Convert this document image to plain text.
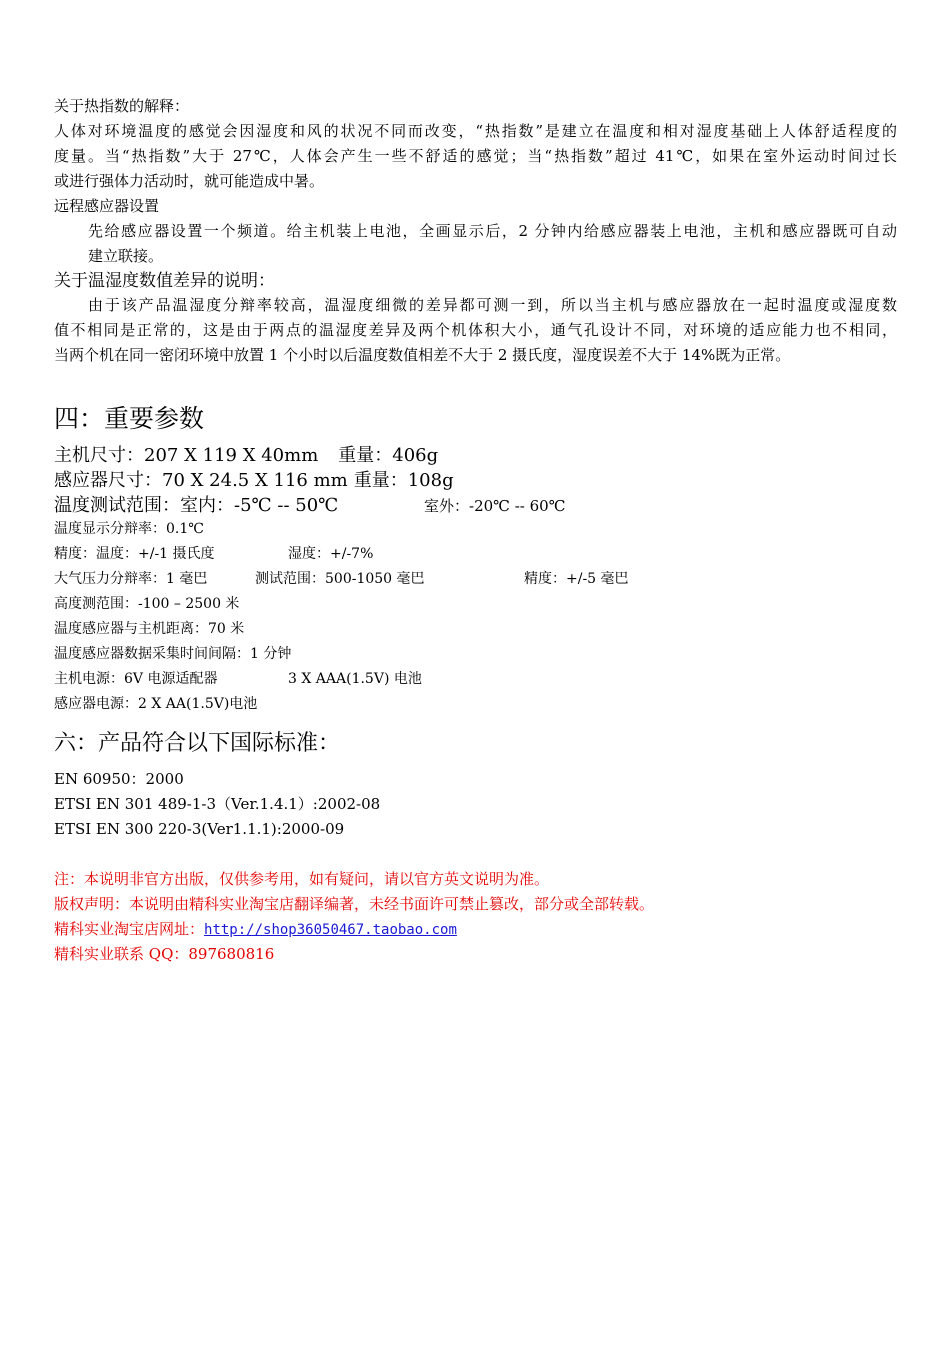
关于热指数的解释：
人体对环境温度的感觉会因湿度和风的状况不同而改变，“热指数”是建立在温度和相对湿度基础上人体舒适程度的
度量。当“热指数”大于 27℃，人体会产生一些不舒适的感觉；当“热指数”超过 41℃，如果在室外运动时间过长
或进行强体力活动时，就可能造成中暑。
远程感应器设置
先给感应器设置一个频道。给主机装上电池，全画显示后，2 分钟内给感应器装上电池，主机和感应器既可自动
建立联接。
关于温湿度数值差异的说明：
由于该产品温湿度分辩率较高，温湿度细微的差异都可测一到，所以当主机与感应器放在一起时温度或湿度数
值不相同是正常的，这是由于两点的温湿度差异及两个机体积大小，通气孔设计不同，对环境的适应能力也不相同，
当两个机在同一密闭环境中放置 1 个小时以后温度数值相差不大于 2 摄氏度，湿度误差不大于 14%既为正常。
四：重要参数
主机尺寸：207 X 119 X 40mm 重量：406g
感应器尺寸：70 X 24.5 X 116 mm 重量：108g
温度测试范围：室内：-5℃ -- 50℃	室外：-20℃ -- 60℃
温度显示分辩率：0.1℃
精度：温度：+/-1 摄氏度	湿度：+/-7%
大气压力分辩率：1 毫巴	测试范围：500-1050 毫巴	精度：+/-5 毫巴
高度测范围：-100 – 2500 米
温度感应器与主机距离：70 米
温度感应器数据采集时间间隔：1 分钟
主机电源：6V 电源适配器	3 X AAA(1.5V) 电池
感应器电源：2 X AA(1.5V)电池
六：产品符合以下国际标准：
EN 60950：2000
ETSI EN 301 489-1-3（Ver.1.4.1）:2002-08
ETSI EN 300 220-3(Ver1.1.1):2000-09
注：本说明非官方出版，仅供参考用，如有疑问，请以官方英文说明为准。
版权声明：本说明由精科实业淘宝店翻译编著，未经书面许可禁止篡改，部分或全部转载。
精科实业淘宝店网址：http://shop36050467.taobao.com
精科实业联系 QQ：897680816
